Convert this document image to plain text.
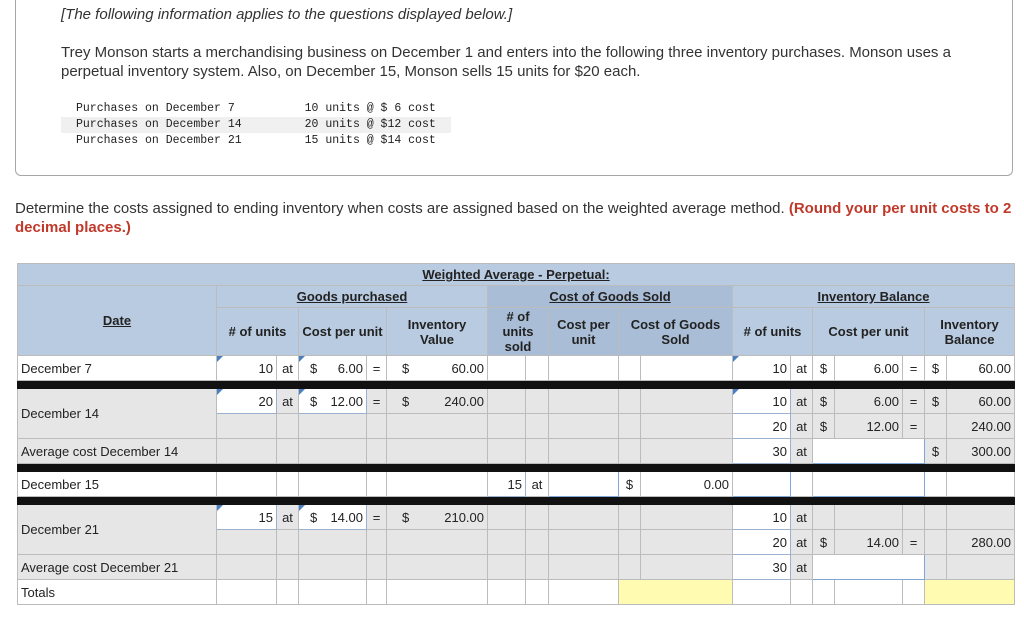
[The following information applies to the questions displayed below.]
Trey Monson starts a merchandising business on December 1 and enters into the following three inventory purchases. Monson uses a perpetual inventory system. Also, on December 15, Monson sells 15 units for $20 each.
Purchases on December 7	10 units @ $ 6 cost
Purchases on December 14	20 units @ $12 cost
Purchases on December 21	15 units @ $14 cost
Determine the costs assigned to ending inventory when costs are assigned based on the weighted average method. (Round your per unit costs to 2 decimal places.)
Weighted Average - Perpetual:																	
Date	Goods purchased					Cost of Goods Sold					Inventory Balance						
	# of units		Cost per unit		Inventory Value	# of units sold		Cost per unit	Cost of Goods Sold		# of units		Cost per unit			Inventory Balance	
December 7	10	at	$ 6.00	=	$ 60.00						10	at	$	6.00	=	$	60.00

December 14	20	at	$ 12.00	=	$ 240.00						10	at	$	6.00	=	$	60.00
											20	at	$	12.00	=		240.00
Average cost December 14											30	at				$	300.00

December 15						15	at		$	0.00							

December 21	15	at	$ 14.00	=	$ 210.00						10	at					
											20	at	$	14.00	=		280.00
Average cost December 21											30	at					
Totals																	
